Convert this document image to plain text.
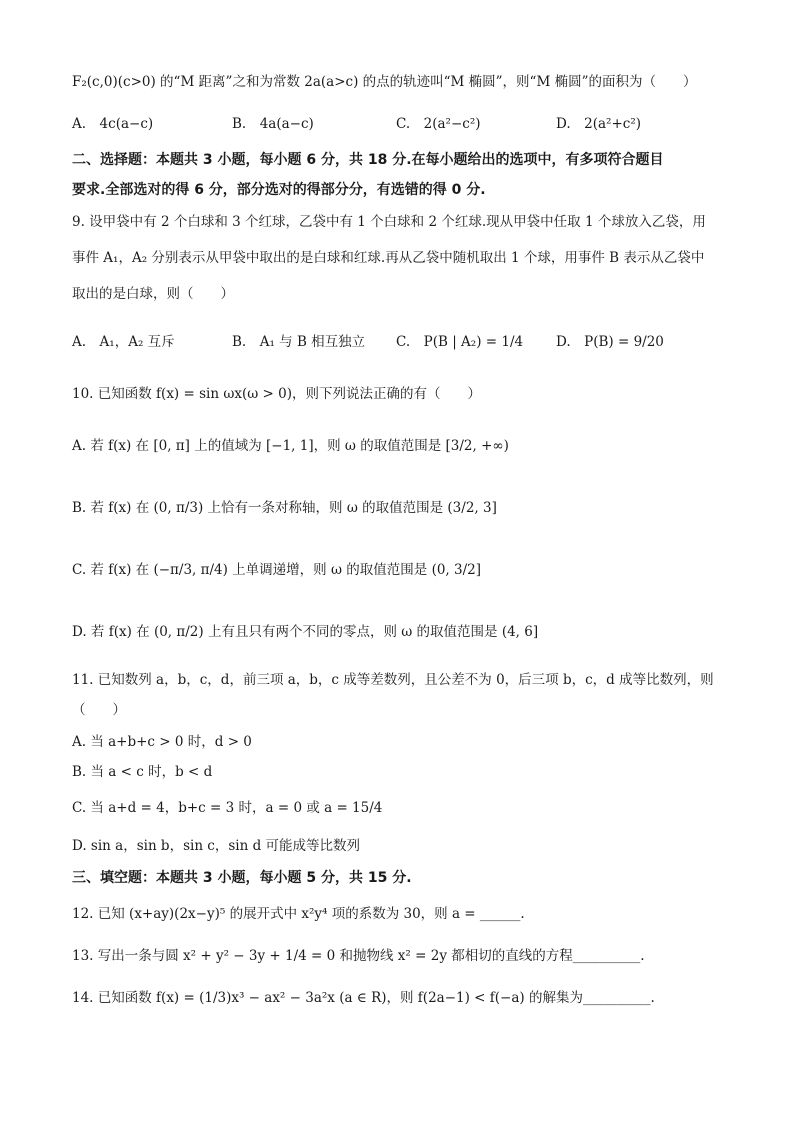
F₂(c,0)(c>0) 的“M 距离”之和为常数 2a(a>c) 的点的轨迹叫“M 椭圆”，则“M 椭圆”的面积为（　　）
A.　4c(a−c)	B.　4a(a−c)	C.　2(a²−c²)	D.　2(a²+c²)
二、选择题：本题共 3 小题，每小题 6 分，共 18 分.在每小题给出的选项中，有多项符合题目
要求.全部选对的得 6 分，部分选对的得部分分，有选错的得 0 分.
9. 设甲袋中有 2 个白球和 3 个红球，乙袋中有 1 个白球和 2 个红球.现从甲袋中任取 1 个球放入乙袋，用
事件 A₁，A₂ 分别表示从甲袋中取出的是白球和红球.再从乙袋中随机取出 1 个球，用事件 B 表示从乙袋中
取出的是白球，则（　　）
A.　A₁，A₂ 互斥	B.　A₁ 与 B 相互独立 C.　P(B | A₂) = 1/4 D.　P(B) = 9/20
10. 已知函数 f(x) = sin ωx(ω > 0)，则下列说法正确的有（　　）
A. 若 f(x) 在 [0, π] 上的值域为 [−1, 1]，则 ω 的取值范围是 [3/2, +∞)
B. 若 f(x) 在 (0, π/3) 上恰有一条对称轴，则 ω 的取值范围是 (3/2, 3]
C. 若 f(x) 在 (−π/3, π/4) 上单调递增，则 ω 的取值范围是 (0, 3/2]
D. 若 f(x) 在 (0, π/2) 上有且只有两个不同的零点，则 ω 的取值范围是 (4, 6]
11. 已知数列 a，b，c，d，前三项 a，b，c 成等差数列，且公差不为 0，后三项 b，c，d 成等比数列，则
（　　）
A. 当 a+b+c > 0 时，d > 0
B. 当 a < c 时，b < d
C. 当 a+d = 4，b+c = 3 时，a = 0 或 a = 15/4
D. sin a，sin b，sin c，sin d 可能成等比数列
三、填空题：本题共 3 小题，每小题 5 分，共 15 分.
12. 已知 (x+ay)(2x−y)⁵ 的展开式中 x²y⁴ 项的系数为 30，则 a = ______.
13. 写出一条与圆 x² + y² − 3y + 1/4 = 0 和抛物线 x² = 2y 都相切的直线的方程__________.
14. 已知函数 f(x) = (1/3)x³ − ax² − 3a²x (a ∈ R)，则 f(2a−1) < f(−a) 的解集为__________.
